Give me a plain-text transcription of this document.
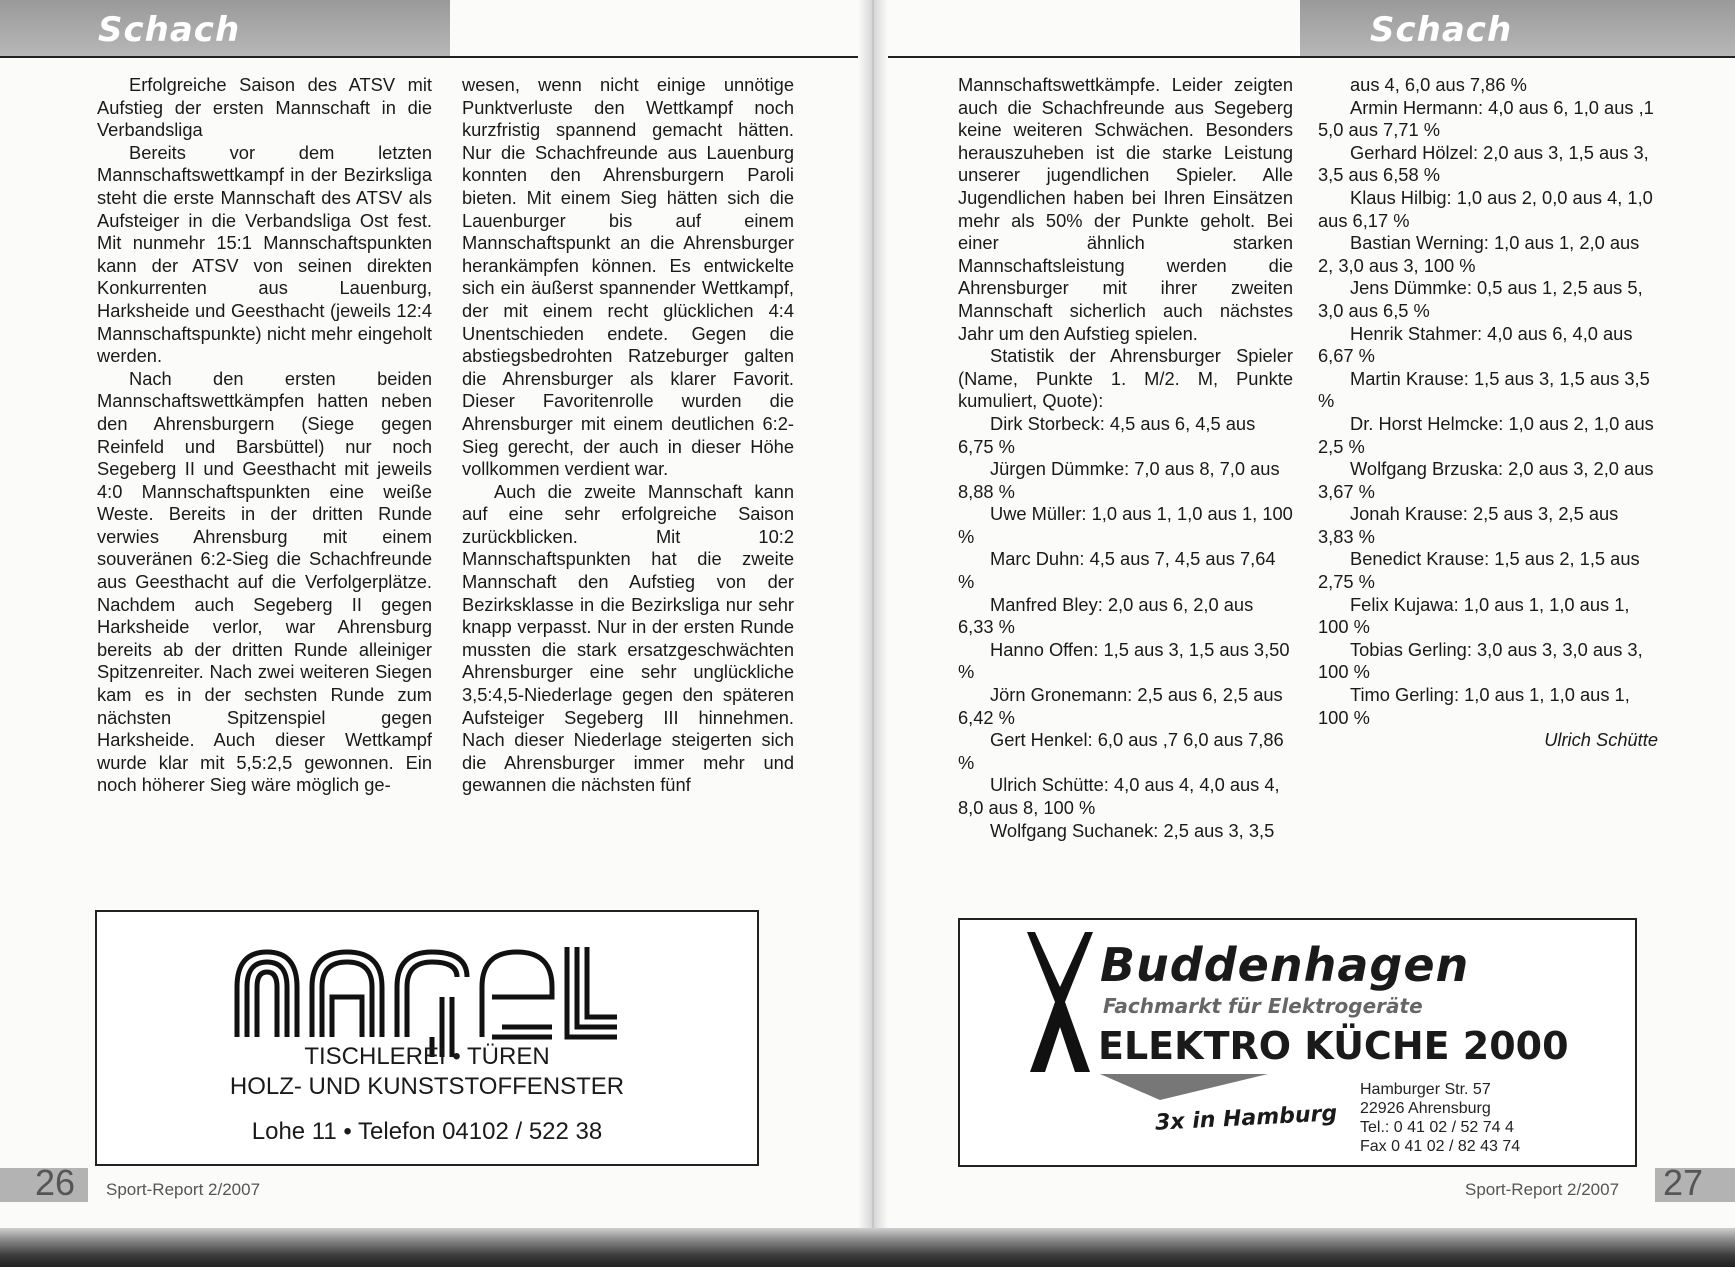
Schach

Erfolgreiche Saison des ATSV mit Aufstieg der ersten Mannschaft in die Verbandsliga

Bereits vor dem letzten Mannschaftswettkampf in der Bezirksliga steht die erste Mannschaft des ATSV als Aufsteiger in die Verbandsliga Ost fest. Mit nunmehr 15:1 Mannschaftspunkten kann der ATSV von seinen direkten Konkurrenten aus Lauenburg, Harksheide und Geesthacht (jeweils 12:4 Mannschaftspunkte) nicht mehr eingeholt werden.

Nach den ersten beiden Mannschaftswettkämpfen hatten neben den Ahrensburgern (Siege gegen Reinfeld und Barsbüttel) nur noch Segeberg II und Geesthacht mit jeweils 4:0 Mannschaftspunkten eine weiße Weste. Bereits in der dritten Runde verwies Ahrensburg mit einem souveränen 6:2-Sieg die Schachfreunde aus Geesthacht auf die Verfolgerplätze. Nachdem auch Segeberg II gegen Harksheide verlor, war Ahrensburg bereits ab der dritten Runde alleiniger Spitzenreiter. Nach zwei weiteren Siegen kam es in der sechsten Runde zum nächsten Spitzenspiel gegen Harksheide. Auch dieser Wettkampf wurde klar mit 5,5:2,5 gewonnen. Ein noch höherer Sieg wäre möglich ge-

wesen, wenn nicht einige unnötige Punktverluste den Wettkampf noch kurzfristig spannend gemacht hätten. Nur die Schachfreunde aus Lauenburg konnten den Ahrensburgern Paroli bieten. Mit einem Sieg hätten sich die Lauenburger bis auf einem Mannschaftspunkt an die Ahrensburger herankämpfen können. Es entwickelte sich ein äußerst spannender Wettkampf, der mit einem recht glücklichen 4:4 Unentschieden endete. Gegen die abstiegsbedrohten Ratzeburger galten die Ahrensburger als klarer Favorit. Dieser Favoritenrolle wurden die Ahrensburger mit einem deutlichen 6:2-Sieg gerecht, der auch in dieser Höhe vollkommen verdient war.

Auch die zweite Mannschaft kann auf eine sehr erfolgreiche Saison zurückblicken. Mit 10:2 Mannschaftspunkten hat die zweite Mannschaft den Aufstieg von der Bezirksklasse in die Bezirksliga nur sehr knapp verpasst. Nur in der ersten Runde mussten die stark ersatzgeschwächten Ahrensburger eine sehr unglückliche 3,5:4,5-Niederlage gegen den späteren Aufsteiger Segeberg III hinnehmen. Nach dieser Niederlage steigerten sich die Ahrensburger immer mehr und gewannen die nächsten fünf

TISCHLEREI • TÜREN
HOLZ- UND KUNSTSTOFFENSTER
Lohe 11 • Telefon 04102 / 522 38
26 Sport-Report 2/2007
Schach

Mannschaftswettkämpfe. Leider zeigten auch die Schachfreunde aus Segeberg keine weiteren Schwächen. Besonders herauszuheben ist die starke Leistung unserer jugendlichen Spieler. Alle Jugendlichen haben bei Ihren Einsätzen mehr als 50% der Punkte geholt. Bei einer ähnlich starken Mannschaftsleistung werden die Ahrensburger mit ihrer zweiten Mannschaft sicherlich auch nächstes Jahr um den Aufstieg spielen.

Statistik der Ahrensburger Spieler (Name, Punkte 1. M/2. M, Punkte kumuliert, Quote):

Dirk Storbeck: 4,5 aus 6, 4,5 aus 6,75 %

Jürgen Dümmke: 7,0 aus 8, 7,0 aus 8,88 %

Uwe Müller: 1,0 aus 1, 1,0 aus 1, 100 %

Marc Duhn: 4,5 aus 7, 4,5 aus 7,64 %

Manfred Bley: 2,0 aus 6, 2,0 aus 6,33 %

Hanno Offen: 1,5 aus 3, 1,5 aus 3,50 %

Jörn Gronemann: 2,5 aus 6, 2,5 aus 6,42 %

Gert Henkel: 6,0 aus ,7 6,0 aus 7,86 %

Ulrich Schütte: 4,0 aus 4, 4,0 aus 4, 8,0 aus 8, 100 %

Wolfgang Suchanek: 2,5 aus 3, 3,5

aus 4, 6,0 aus 7,86 %

Armin Hermann: 4,0 aus 6, 1,0 aus ,1 5,0 aus 7,71 %

Gerhard Hölzel: 2,0 aus 3, 1,5 aus 3, 3,5 aus 6,58 %

Klaus Hilbig: 1,0 aus 2, 0,0 aus 4, 1,0 aus 6,17 %

Bastian Werning: 1,0 aus 1, 2,0 aus 2, 3,0 aus 3, 100 %

Jens Dümmke: 0,5 aus 1, 2,5 aus 5, 3,0 aus 6,5 %

Henrik Stahmer: 4,0 aus 6, 4,0 aus 6,67 %

Martin Krause: 1,5 aus 3, 1,5 aus 3,5 %

Dr. Horst Helmcke: 1,0 aus 2, 1,0 aus 2,5 %

Wolfgang Brzuska: 2,0 aus 3, 2,0 aus 3,67 %

Jonah Krause: 2,5 aus 3, 2,5 aus 3,83 %

Benedict Krause: 1,5 aus 2, 1,5 aus 2,75 %

Felix Kujawa: 1,0 aus 1, 1,0 aus 1, 100 %

Tobias Gerling: 3,0 aus 3, 3,0 aus 3, 100 %

Timo Gerling: 1,0 aus 1, 1,0 aus 1, 100 %

Ulrich Schütte

Buddenhagen
Fachmarkt für Elektrogeräte
ELEKTRO KÜCHE 2000
3x in Hamburg
Hamburger Str. 57
22926 Ahrensburg
Tel.: 0 41 02 / 52 74 4
Fax 0 41 02 / 82 43 74
Sport-Report 2/2007 27
